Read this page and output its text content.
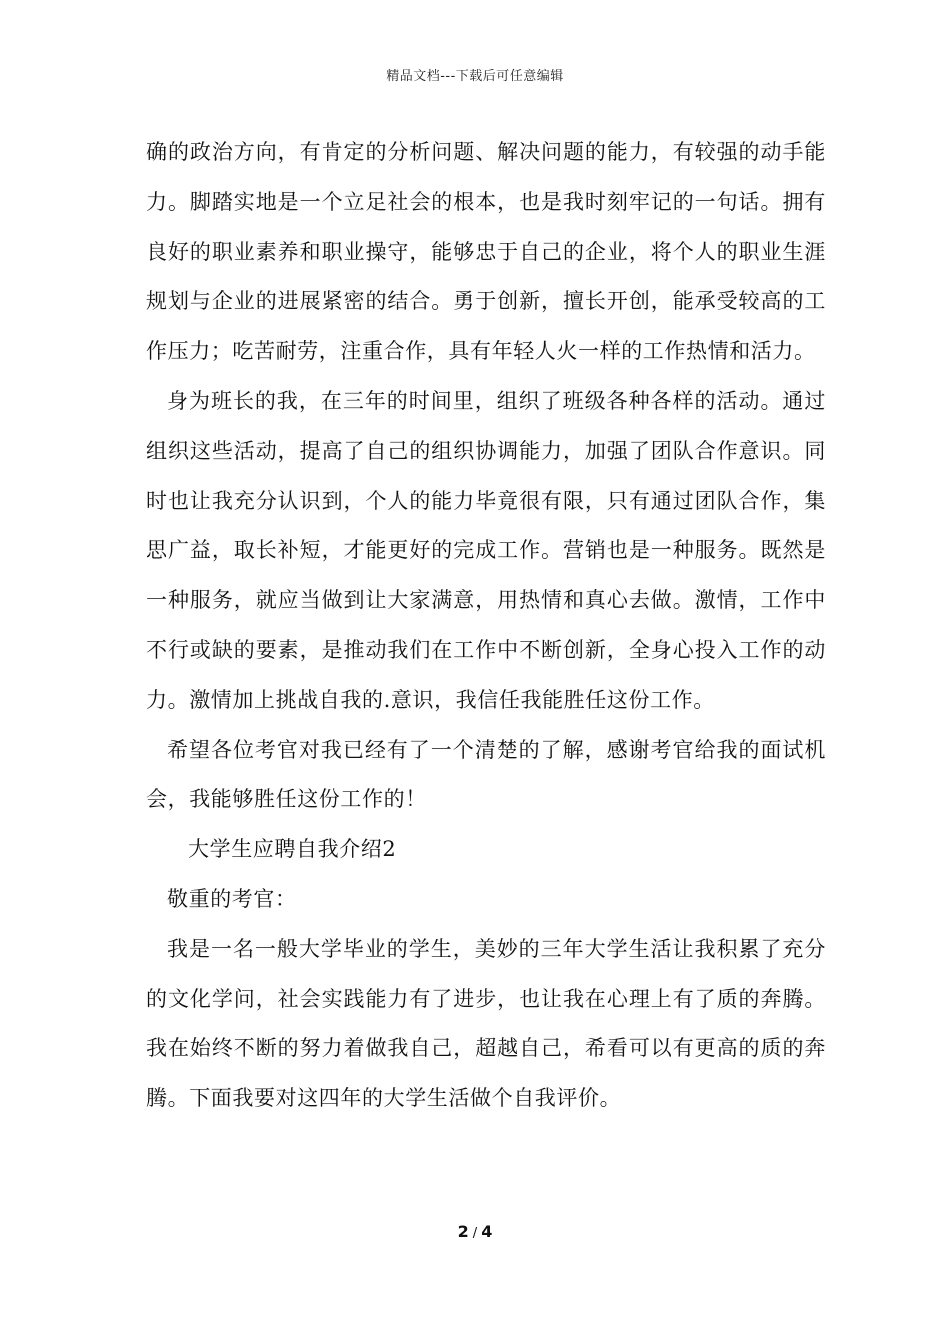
精品文档---下载后可任意编辑

确的政治方向，有肯定的分析问题、解决问题的能力，有较强的动手能力。脚踏实地是一个立足社会的根本，也是我时刻牢记的一句话。拥有良好的职业素养和职业操守，能够忠于自己的企业，将个人的职业生涯规划与企业的进展紧密的结合。勇于创新，擅长开创，能承受较高的工作压力；吃苦耐劳，注重合作，具有年轻人火一样的工作热情和活力。

身为班长的我，在三年的时间里，组织了班级各种各样的活动。通过组织这些活动，提高了自己的组织协调能力，加强了团队合作意识。同时也让我充分认识到，个人的能力毕竟很有限，只有通过团队合作，集思广益，取长补短，才能更好的完成工作。营销也是一种服务。既然是一种服务，就应当做到让大家满意，用热情和真心去做。激情，工作中不行或缺的要素，是推动我们在工作中不断创新，全身心投入工作的动力。激情加上挑战自我的.意识，我信任我能胜任这份工作。

希望各位考官对我已经有了一个清楚的了解，感谢考官给我的面试机会，我能够胜任这份工作的！

大学生应聘自我介绍2

敬重的考官：

我是一名一般大学毕业的学生，美妙的三年大学生活让我积累了充分的文化学问，社会实践能力有了进步，也让我在心理上有了质的奔腾。我在始终不断的努力着做我自己，超越自己，希看可以有更高的质的奔腾。下面我要对这四年的大学生活做个自我评价。

2 / 4
